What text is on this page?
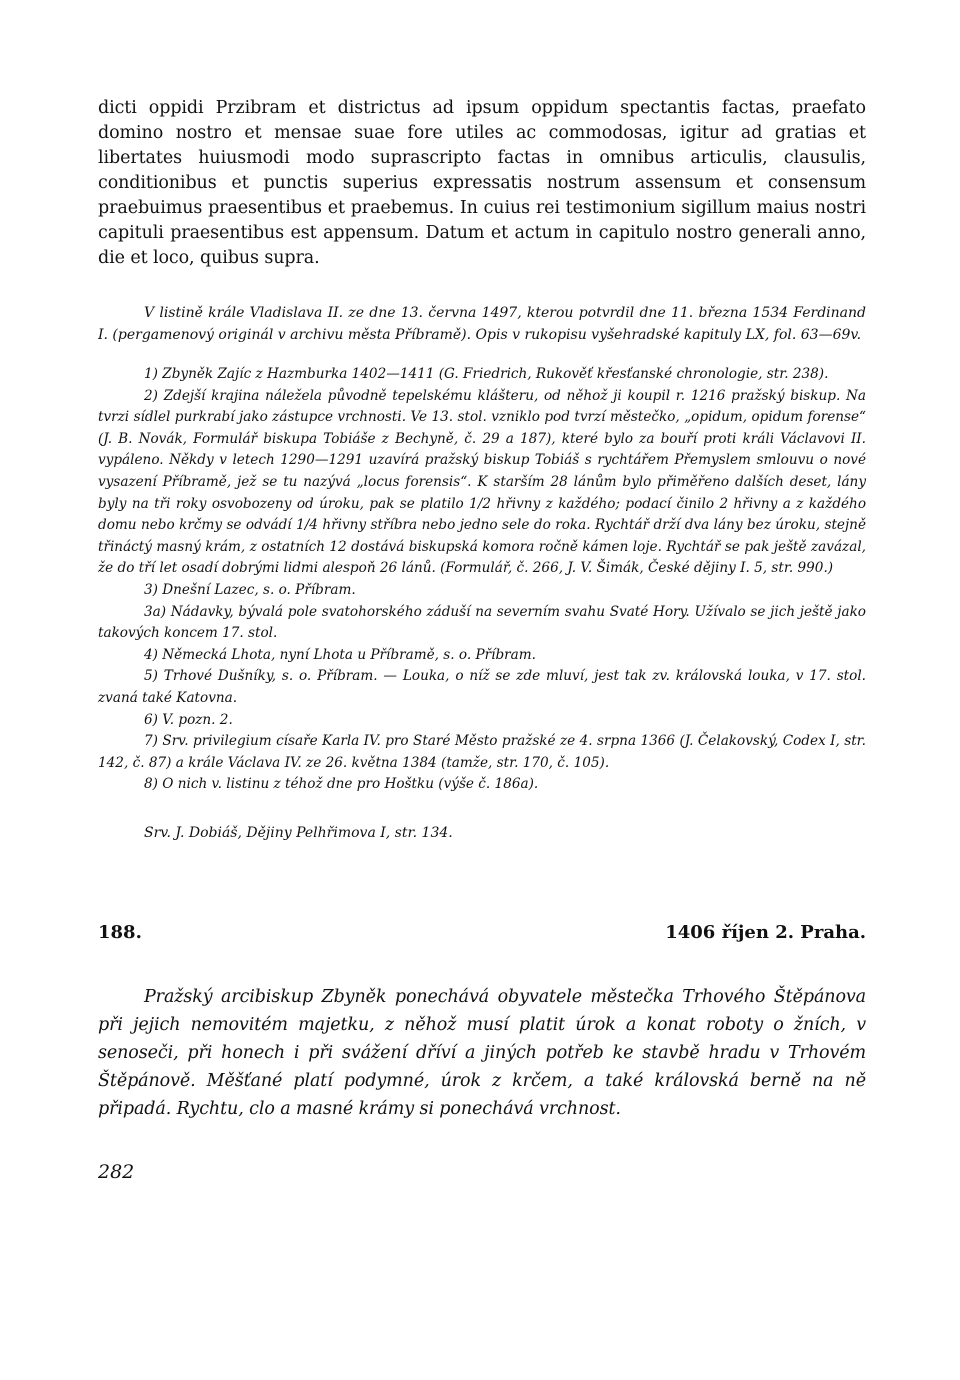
dicti oppidi Przibram et districtus ad ipsum oppidum spectantis factas, praefato domino nostro et mensae suae fore utiles ac commodosas, igitur ad gratias et libertates huiusmodi modo suprascripto factas in omnibus articulis, clausulis, conditionibus et punctis superius expressatis nostrum assensum et consensum praebuimus praesentibus et praebemus. In cuius rei testimonium sigillum maius nostri capituli praesentibus est appensum. Datum et actum in capitulo nostro generali anno, die et loco, quibus supra.

V listině krále Vladislava II. ze dne 13. června 1497, kterou potvrdil dne 11. března 1534 Ferdinand I. (pergamenový originál v archivu města Příbramě). Opis v rukopisu vyšehradské kapituly LX, fol. 63—69v.

1) Zbyněk Zajíc z Hazmburka 1402—1411 (G. Friedrich, Rukověť křesťanské chronologie, str. 238).

2) Zdejší krajina náležela původně tepelskému klášteru, od něhož ji koupil r. 1216 pražský biskup. Na tvrzi sídlel purkrabí jako zástupce vrchnosti. Ve 13. stol. vzniklo pod tvrzí městečko, „opidum, opidum forense“ (J. B. Novák, Formulář biskupa Tobiáše z Bechyně, č. 29 a 187), které bylo za bouří proti králi Václavovi II. vypáleno. Někdy v letech 1290—1291 uzavírá pražský biskup Tobiáš s rychtářem Přemyslem smlouvu o nové vysazení Příbramě, jež se tu nazývá „locus forensis“. K starším 28 lánům bylo přiměřeno dalších deset, lány byly na tři roky osvobozeny od úroku, pak se platilo 1/2 hřivny z každého; podací činilo 2 hřivny a z každého domu nebo krčmy se odvádí 1/4 hřivny stříbra nebo jedno sele do roka. Rychtář drží dva lány bez úroku, stejně třináctý masný krám, z ostatních 12 dostává biskupská komora ročně kámen loje. Rychtář se pak ještě zavázal, že do tří let osadí dobrými lidmi alespoň 26 lánů. (Formulář, č. 266, J. V. Šimák, České dějiny I. 5, str. 990.)

3) Dnešní Lazec, s. o. Příbram.

3a) Nádavky, bývalá pole svatohorského záduší na severním svahu Svaté Hory. Užívalo se jich ještě jako takových koncem 17. stol.

4) Německá Lhota, nyní Lhota u Příbramě, s. o. Příbram.

5) Trhové Dušníky, s. o. Příbram. — Louka, o níž se zde mluví, jest tak zv. královská louka, v 17. stol. zvaná také Katovna.

6) V. pozn. 2.

7) Srv. privilegium císaře Karla IV. pro Staré Město pražské ze 4. srpna 1366 (J. Čelakovský, Codex I, str. 142, č. 87) a krále Václava IV. ze 26. května 1384 (tamže, str. 170, č. 105).

8) O nich v. listinu z téhož dne pro Hoštku (výše č. 186a).

Srv. J. Dobiáš, Dějiny Pelhřimova I, str. 134.

188.	1406 říjen 2. Praha.

Pražský arcibiskup Zbyněk ponechává obyvatele městečka Trhového Štěpánova při jejich nemovitém majetku, z něhož musí platit úrok a konat roboty o žních, v senoseči, při honech i při svážení dříví a jiných potřeb ke stavbě hradu v Trhovém Štěpánově. Měšťané platí podymné, úrok z krčem, a také královská berně na ně připadá. Rychtu, clo a masné krámy si ponechává vrchnost.

282
